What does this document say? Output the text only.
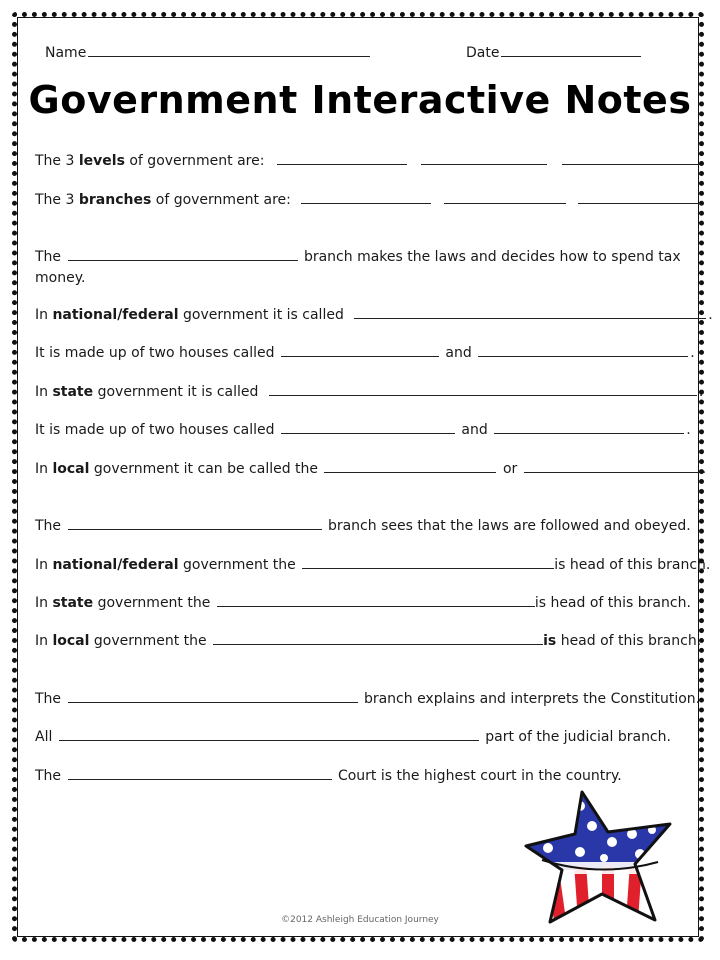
Name	Date
Government Interactive Notes
The 3 levels of government are:
The 3 branches of government are:
The	branch makes the laws and decides how to spend tax money.
In national/federal government it is called	.
It is made up of two houses called	and	.
In state government it is called	.
It is made up of two houses called	and	.
In local government it can be called the	or	.
The	branch sees that the laws are followed and obeyed.
In national/federal government the	is head of this branch.
In state government the	is head of this branch.
In local government the	is head of this branch.
The	branch explains and interprets the Constitution.
All	part of the judicial branch.
The	Court is the highest court in the country.
©2012 Ashleigh Education Journey
